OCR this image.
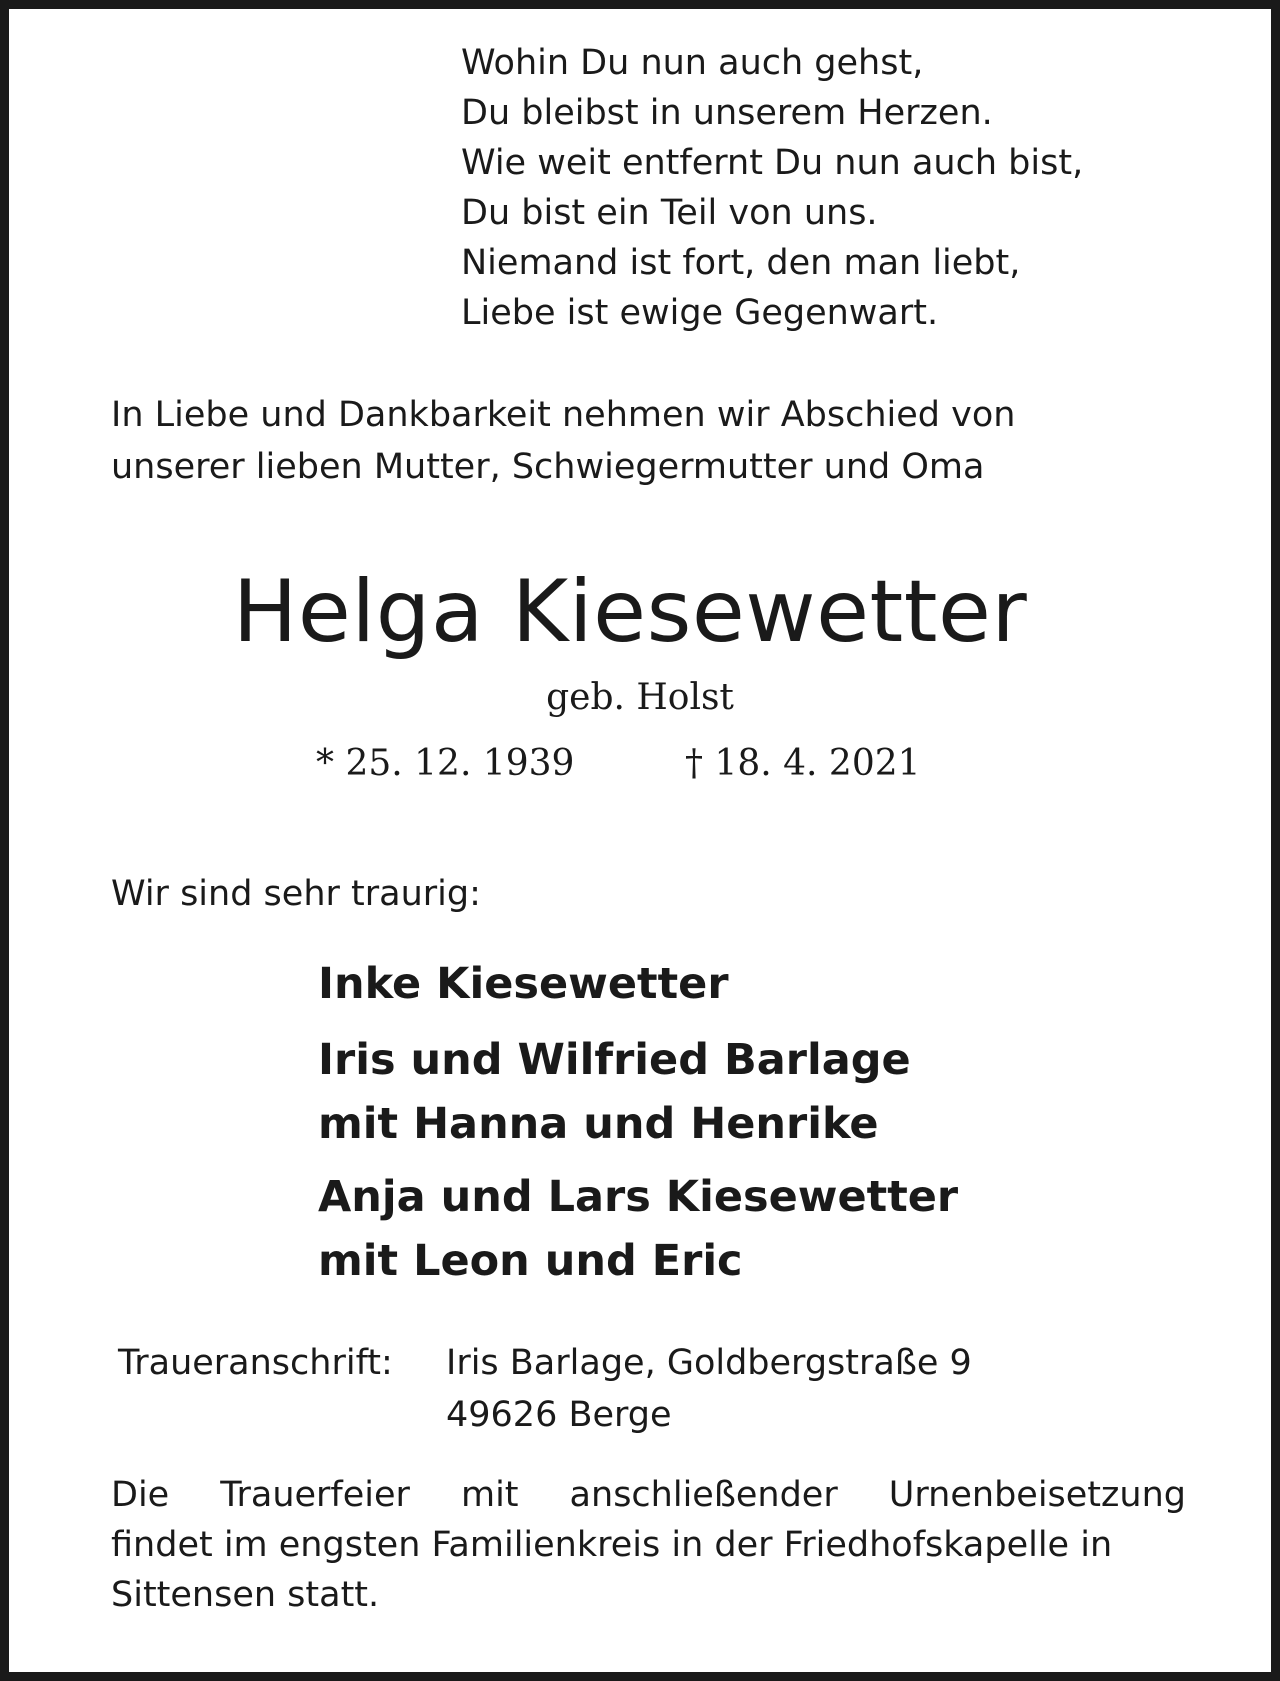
Wohin Du nun auch gehst,
Du bleibst in unserem Herzen.
Wie weit entfernt Du nun auch bist,
Du bist ein Teil von uns.
Niemand ist fort, den man liebt,
Liebe ist ewige Gegenwart.
In Liebe und Dankbarkeit nehmen wir Abschied von
unserer lieben Mutter, Schwiegermutter und Oma
Helga Kiesewetter
geb. Holst
* 25. 12. 1939	† 18. 4. 2021
Wir sind sehr traurig:
Inke Kiesewetter
Iris und Wilfried Barlage
mit Hanna und Henrike
Anja und Lars Kiesewetter
mit Leon und Eric
Traueranschrift: Iris Barlage, Goldbergstraße 9
49626 Berge
Die Trauerfeier mit anschließender Urnenbeisetzung
findet im engsten Familienkreis in der Friedhofskapelle in
Sittensen statt.
